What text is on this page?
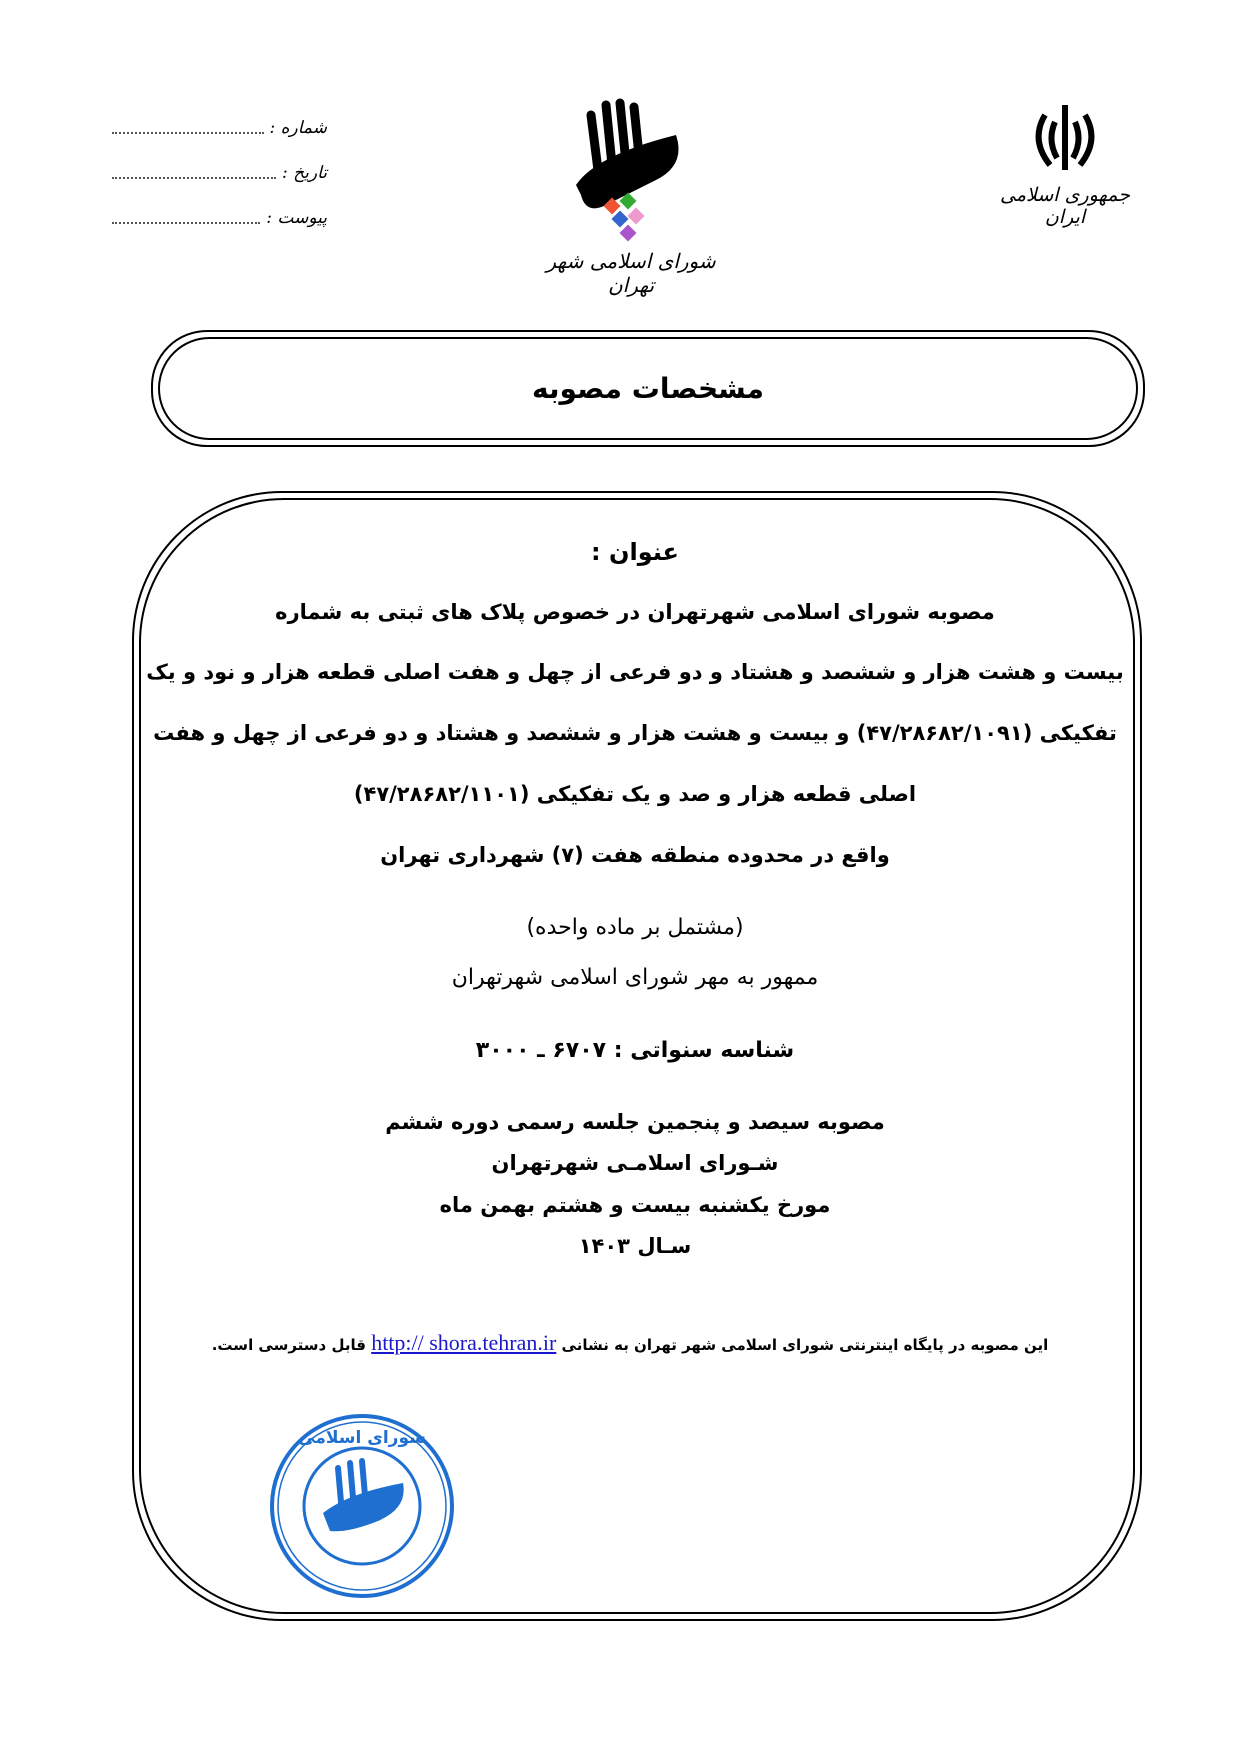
شماره :
تاریخ :
پیوست :
شورای اسلامی شهر تهران
جمهوری اسلامی ایران
مشخصات مصوبه
عنوان :
مصوبه شورای اسلامی شهرتهران در خصوص پلاک های ثبتی به شماره
بیست و هشت هزار و ششصد و هشتاد و دو فرعی از چهل و هفت اصلی قطعه هزار و نود و یک
تفکیکی (۴۷/۲۸۶۸۲/۱۰۹۱) و بیست و هشت هزار و ششصد و هشتاد و دو فرعی از چهل و هفت
اصلی قطعه هزار و صد و یک تفکیکی (۴۷/۲۸۶۸۲/۱۱۰۱)
واقع در محدوده منطقه هفت (۷) شهرداری تهران
(مشتمل بر ماده واحده)
ممهور به مهر شورای اسلامی شهرتهران
شناسه سنواتی : ۶۷۰۷ ـ ۳۰۰۰
مصوبه سیصد و پنجمین جلسه رسمی دوره ششم
شـورای اسلامـی شهرتهران
مورخ یکشنبه بیست و هشتم بهمن ماه
سـال ۱۴۰۳
این مصوبه در پایگاه اینترنتی شورای اسلامی شهر تهران به نشانی http:// shora.tehran.ir قابل دسترسی است.
شورای اسلامی
